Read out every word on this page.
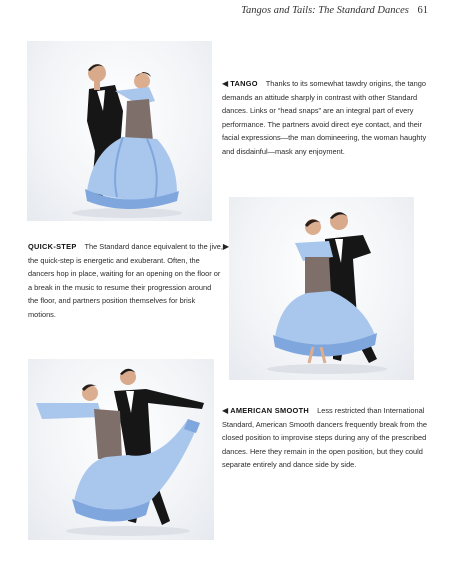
Tangos and Tails: The Standard Dances 61
◀ TANGO Thanks to its somewhat tawdry origins, the tango demands an attitude sharply in contrast with other Standard dances. Links or “head snaps” are an integral part of every performance. The partners avoid direct eye contact, and their facial expressions—the man domineering, the woman haughty and disdainful—mask any enjoyment.
QUICK-STEP The Standard dance equivalent to the jive, the quick-step is energetic and exuberant. Often, the dancers hop in place, waiting for an opening on the floor or a break in the music to resume their progression around the floor, and partners position themselves for brisk motions.
▶
◀ AMERICAN SMOOTH Less restricted than International Standard, American Smooth dancers frequently break from the closed position to improvise steps during any of the prescribed dances. Here they remain in the open position, but they could separate entirely and dance side by side.
